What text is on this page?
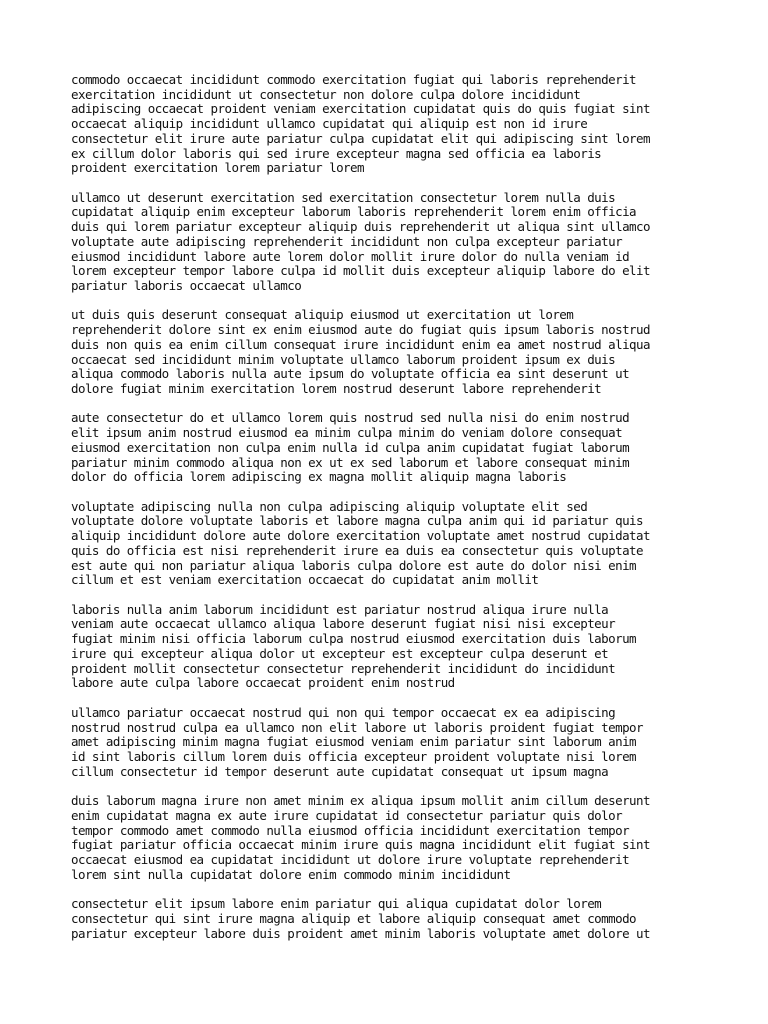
commodo occaecat incididunt commodo exercitation fugiat qui laboris reprehenderit
exercitation incididunt ut consectetur non dolore culpa dolore incididunt
adipiscing occaecat proident veniam exercitation cupidatat quis do quis fugiat sint
occaecat aliquip incididunt ullamco cupidatat qui aliquip est non id irure
consectetur elit irure aute pariatur culpa cupidatat elit qui adipiscing sint lorem
ex cillum dolor laboris qui sed irure excepteur magna sed officia ea laboris
proident exercitation lorem pariatur lorem
ullamco ut deserunt exercitation sed exercitation consectetur lorem nulla duis
cupidatat aliquip enim excepteur laborum laboris reprehenderit lorem enim officia
duis qui lorem pariatur excepteur aliquip duis reprehenderit ut aliqua sint ullamco
voluptate aute adipiscing reprehenderit incididunt non culpa excepteur pariatur
eiusmod incididunt labore aute lorem dolor mollit irure dolor do nulla veniam id
lorem excepteur tempor labore culpa id mollit duis excepteur aliquip labore do elit
pariatur laboris occaecat ullamco
ut duis quis deserunt consequat aliquip eiusmod ut exercitation ut lorem
reprehenderit dolore sint ex enim eiusmod aute do fugiat quis ipsum laboris nostrud
duis non quis ea enim cillum consequat irure incididunt enim ea amet nostrud aliqua
occaecat sed incididunt minim voluptate ullamco laborum proident ipsum ex duis
aliqua commodo laboris nulla aute ipsum do voluptate officia ea sint deserunt ut
dolore fugiat minim exercitation lorem nostrud deserunt labore reprehenderit
aute consectetur do et ullamco lorem quis nostrud sed nulla nisi do enim nostrud
elit ipsum anim nostrud eiusmod ea minim culpa minim do veniam dolore consequat
eiusmod exercitation non culpa enim nulla id culpa anim cupidatat fugiat laborum
pariatur minim commodo aliqua non ex ut ex sed laborum et labore consequat minim
dolor do officia lorem adipiscing ex magna mollit aliquip magna laboris
voluptate adipiscing nulla non culpa adipiscing aliquip voluptate elit sed
voluptate dolore voluptate laboris et labore magna culpa anim qui id pariatur quis
aliquip incididunt dolore aute dolore exercitation voluptate amet nostrud cupidatat
quis do officia est nisi reprehenderit irure ea duis ea consectetur quis voluptate
est aute qui non pariatur aliqua laboris culpa dolore est aute do dolor nisi enim
cillum et est veniam exercitation occaecat do cupidatat anim mollit
laboris nulla anim laborum incididunt est pariatur nostrud aliqua irure nulla
veniam aute occaecat ullamco aliqua labore deserunt fugiat nisi nisi excepteur
fugiat minim nisi officia laborum culpa nostrud eiusmod exercitation duis laborum
irure qui excepteur aliqua dolor ut excepteur est excepteur culpa deserunt et
proident mollit consectetur consectetur reprehenderit incididunt do incididunt
labore aute culpa labore occaecat proident enim nostrud
ullamco pariatur occaecat nostrud qui non qui tempor occaecat ex ea adipiscing
nostrud nostrud culpa ea ullamco non elit labore ut laboris proident fugiat tempor
amet adipiscing minim magna fugiat eiusmod veniam enim pariatur sint laborum anim
id sint laboris cillum lorem duis officia excepteur proident voluptate nisi lorem
cillum consectetur id tempor deserunt aute cupidatat consequat ut ipsum magna
duis laborum magna irure non amet minim ex aliqua ipsum mollit anim cillum deserunt
enim cupidatat magna ex aute irure cupidatat id consectetur pariatur quis dolor
tempor commodo amet commodo nulla eiusmod officia incididunt exercitation tempor
fugiat pariatur officia occaecat minim irure quis magna incididunt elit fugiat sint
occaecat eiusmod ea cupidatat incididunt ut dolore irure voluptate reprehenderit
lorem sint nulla cupidatat dolore enim commodo minim incididunt
consectetur elit ipsum labore enim pariatur qui aliqua cupidatat dolor lorem
consectetur qui sint irure magna aliquip et labore aliquip consequat amet commodo
pariatur excepteur labore duis proident amet minim laboris voluptate amet dolore ut
